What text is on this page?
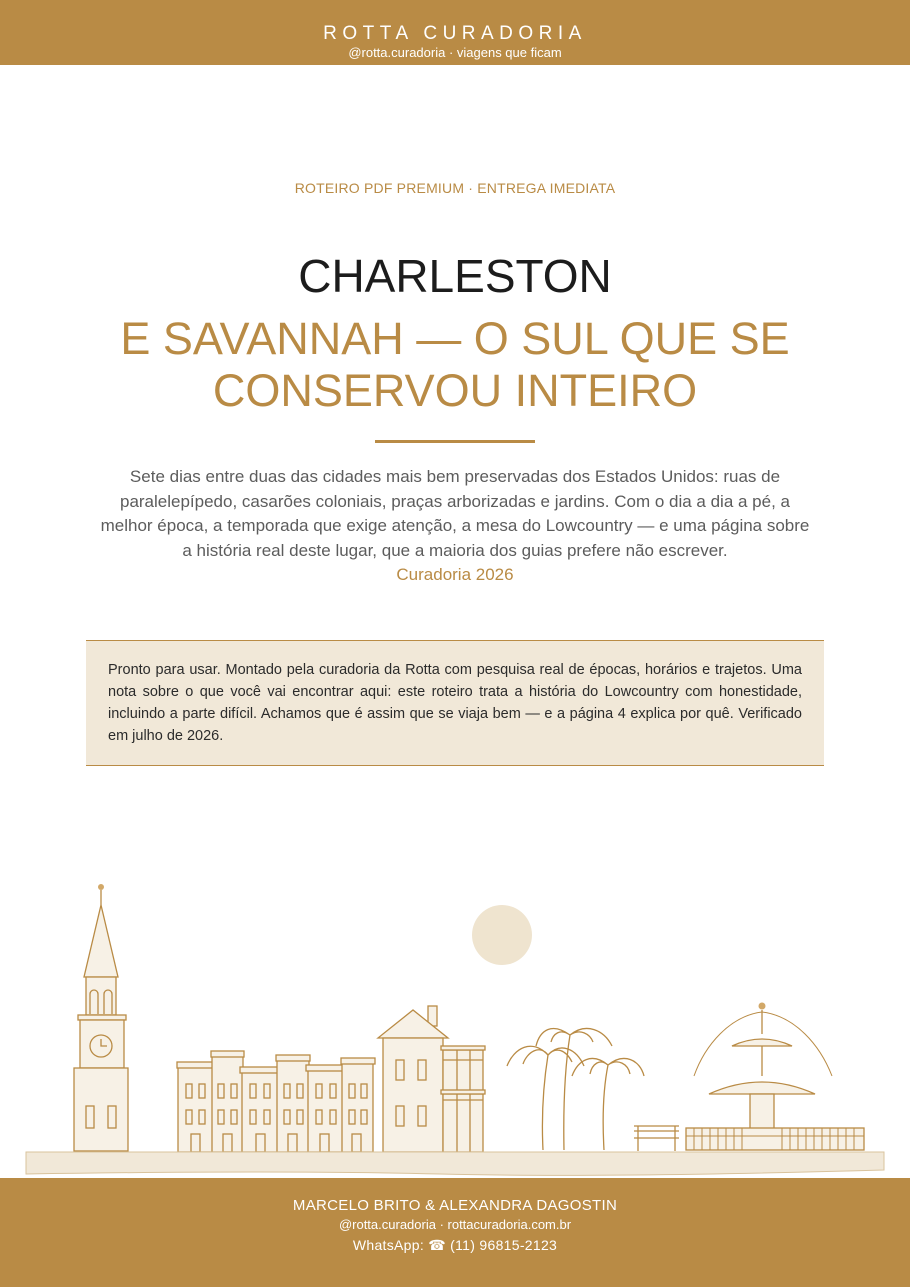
ROTTA CURADORIA
@rotta.curadoria · viagens que ficam
ROTEIRO PDF PREMIUM · ENTREGA IMEDIATA
CHARLESTON
E SAVANNAH — O SUL QUE SE CONSERVOU INTEIRO
Sete dias entre duas das cidades mais bem preservadas dos Estados Unidos: ruas de paralelepípedo, casarões coloniais, praças arborizadas e jardins. Com o dia a dia a pé, a melhor época, a temporada que exige atenção, a mesa do Lowcountry — e uma página sobre a história real deste lugar, que a maioria dos guias prefere não escrever.
Curadoria 2026

Pronto para usar. Montado pela curadoria da Rotta com pesquisa real de épocas, horários e trajetos. Uma nota sobre o que você vai encontrar aqui: este roteiro trata a história do Lowcountry com honestidade, incluindo a parte difícil. Achamos que é assim que se viaja bem — e a página 4 explica por quê. Verificado em julho de 2026.

MARCELO BRITO & ALEXANDRA DAGOSTIN
@rotta.curadoria · rottacuradoria.com.br
WhatsApp: ☎ (11) 96815-2123
